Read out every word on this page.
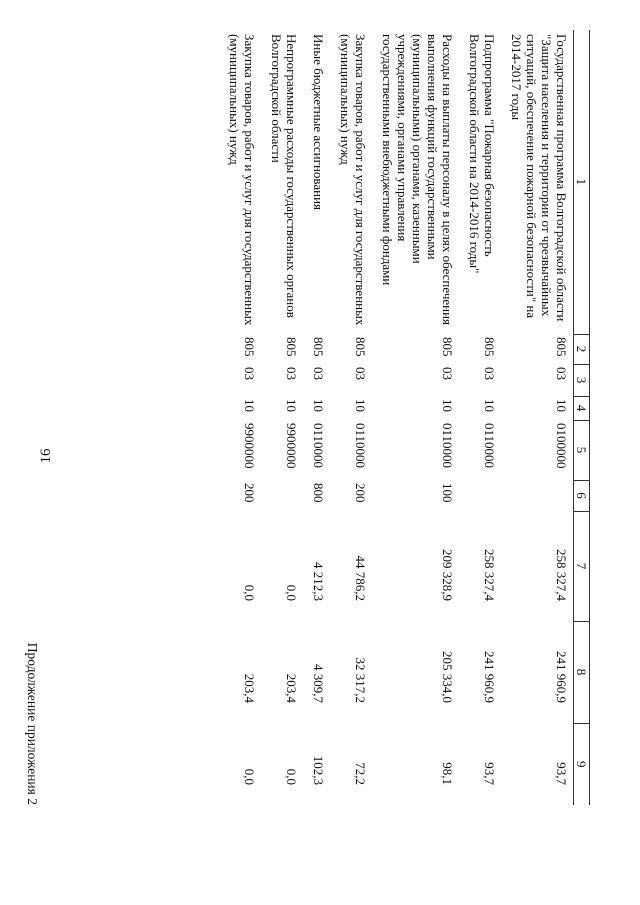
16
1	2	3	4	5	6	7	8	9
Государственная программа Волгоградской области "Защита населения и территории от чрезвычайных ситуаций, обеспечение пожарной безопасности" на 2014-2017 годы	805	03	10	0100000		258 327,4	241 960,9	93,7
Подпрограмма "Пожарная безопасность Волгоградской области на 2014-2016 годы"	805	03	10	0110000		258 327,4	241 960,9	93,7
Расходы на выплаты персоналу в целях обеспечения выполнения функций государственными (муниципальными) органами, казенными учреждениями, органами управления государственными внебюджетными фондами	805	03	10	0110000	100	209 328,9	205 334,0	98,1
Закупка товаров, работ и услуг для государственных (муниципальных) нужд	805	03	10	0110000	200	44 786,2	32 317,2	72,2
Иные бюджетные ассигнования	805	03	10	0110000	800	4 212,3	4 309,7	102,3
Непрограммные расходы государственных органов Волгоградской области	805	03	10	9900000		0,0	203,4	0,0
Закупка товаров, работ и услуг для государственных (муниципальных) нужд	805	03	10	9900000	200	0,0	203,4	0,0
Продолжение приложения 2
